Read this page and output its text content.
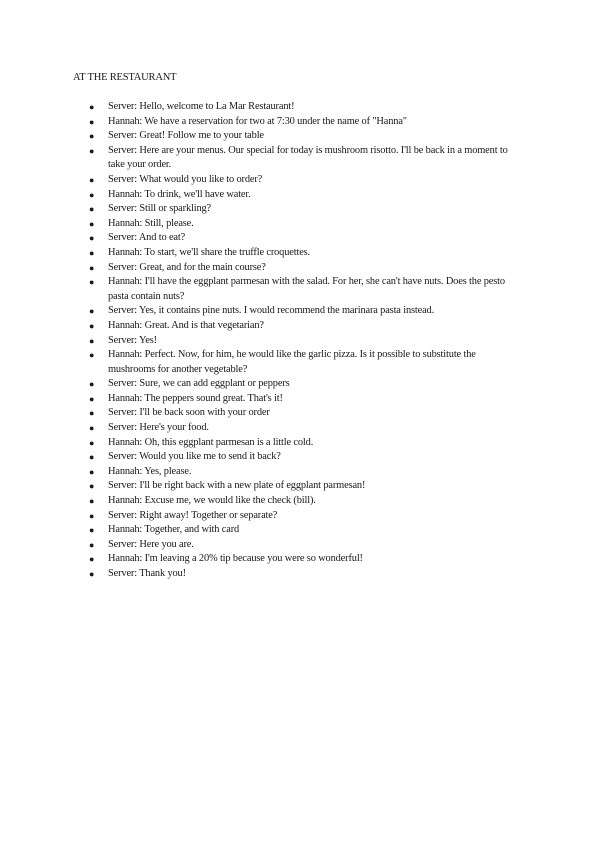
AT THE RESTAURANT
● Server: Hello, welcome to La Mar Restaurant!
● Hannah: We have a reservation for two at 7:30 under the name of "Hanna"
● Server: Great! Follow me to your table
● Server: Here are your menus. Our special for today is mushroom risotto. I'll be back in a moment to take your order.
● Server: What would you like to order?
● Hannah: To drink, we'll have water.
● Server: Still or sparkling?
● Hannah: Still, please.
● Server: And to eat?
● Hannah: To start, we'll share the truffle croquettes.
● Server: Great, and for the main course?
● Hannah: I'll have the eggplant parmesan with the salad. For her, she can't have nuts. Does the pesto pasta contain nuts?
● Server: Yes, it contains pine nuts. I would recommend the marinara pasta instead.
● Hannah: Great. And is that vegetarian?
● Server: Yes!
● Hannah: Perfect. Now, for him, he would like the garlic pizza. Is it possible to substitute the mushrooms for another vegetable?
● Server: Sure, we can add eggplant or peppers
● Hannah: The peppers sound great. That's it!
● Server: I'll be back soon with your order
● Server: Here's your food.
● Hannah: Oh, this eggplant parmesan is a little cold.
● Server: Would you like me to send it back?
● Hannah: Yes, please.
● Server: I'll be right back with a new plate of eggplant parmesan!
● Hannah: Excuse me, we would like the check (bill).
● Server: Right away! Together or separate?
● Hannah: Together, and with card
● Server: Here you are.
● Hannah: I'm leaving a 20% tip because you were so wonderful!
● Server: Thank you!
